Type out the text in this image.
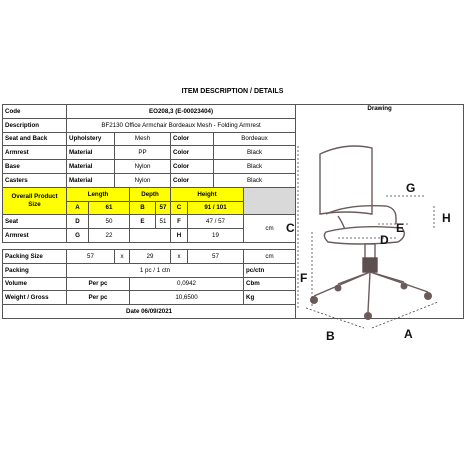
ITEM DESCRIPTION / DETAILS
Code	EO208,3 (E-00023404)									Drawing
Description	BF2130 Office Armchair Bordeaux Mesh - Folding Armrest									
Seat and Back	Upholstery		Mesh			Color		Bordeaux		
Armrest	Material		PP			Color		Black		
Base	Material		Nylon			Color		Black		
Casters	Material		Nylon			Color		Black		
Overall Product Size	Length			Depth		Height				
	A	61		B	57	C	91 / 101			
Seat	D	50		E	51	F	47 / 57		cm	
Armrest	G	22				H	19			

Packing Size	57		x	29		x	57		cm	
Packing	1 pc / 1 ctn								pc/ctn	
Volume	Per pc			0,0942					Cbm	
Weight / Gross	Per pc			10,6500					Kg	
Date 06/09/2021										
C
F
G
H
E
D
B	A
